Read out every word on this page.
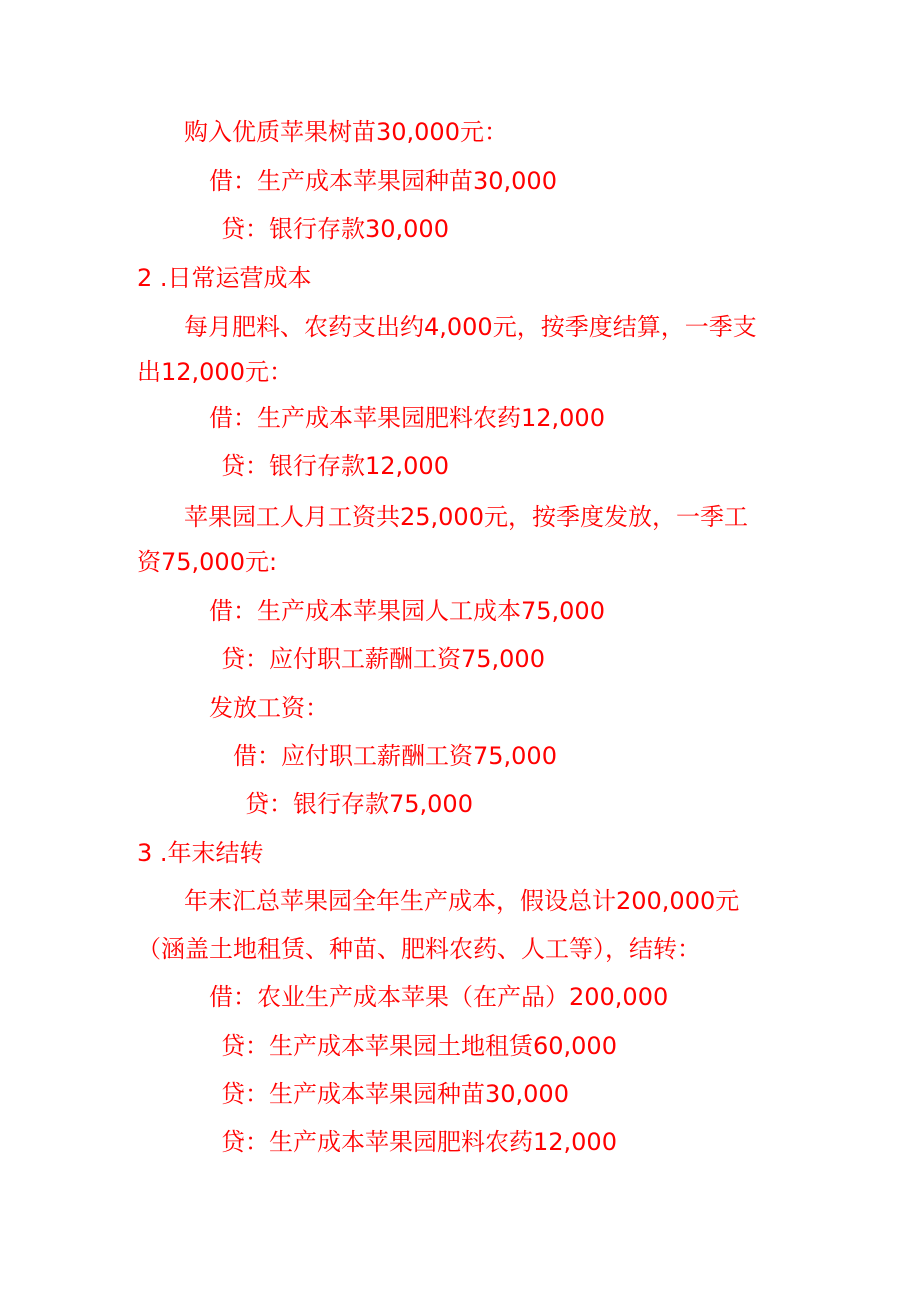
购入优质苹果树苗30,000元：
借：生产成本苹果园种苗30,000
贷：银行存款30,000
2 .日常运营成本
每月肥料、农药支出约4,000元，按季度结算，一季支
出12,000元：
借：生产成本苹果园肥料农药12,000
贷：银行存款12,000
苹果园工人月工资共25,000元，按季度发放，一季工
资75,000元:
借：生产成本苹果园人工成本75,000
贷：应付职工薪酬工资75,000
发放工资：
借：应付职工薪酬工资75,000
贷：银行存款75,000
3 .年末结转
年末汇总苹果园全年生产成本，假设总计200,000元
（涵盖土地租赁、种苗、肥料农药、人工等），结转：
借：农业生产成本苹果（在产品）200,000
贷：生产成本苹果园土地租赁60,000
贷：生产成本苹果园种苗30,000
贷：生产成本苹果园肥料农药12,000
